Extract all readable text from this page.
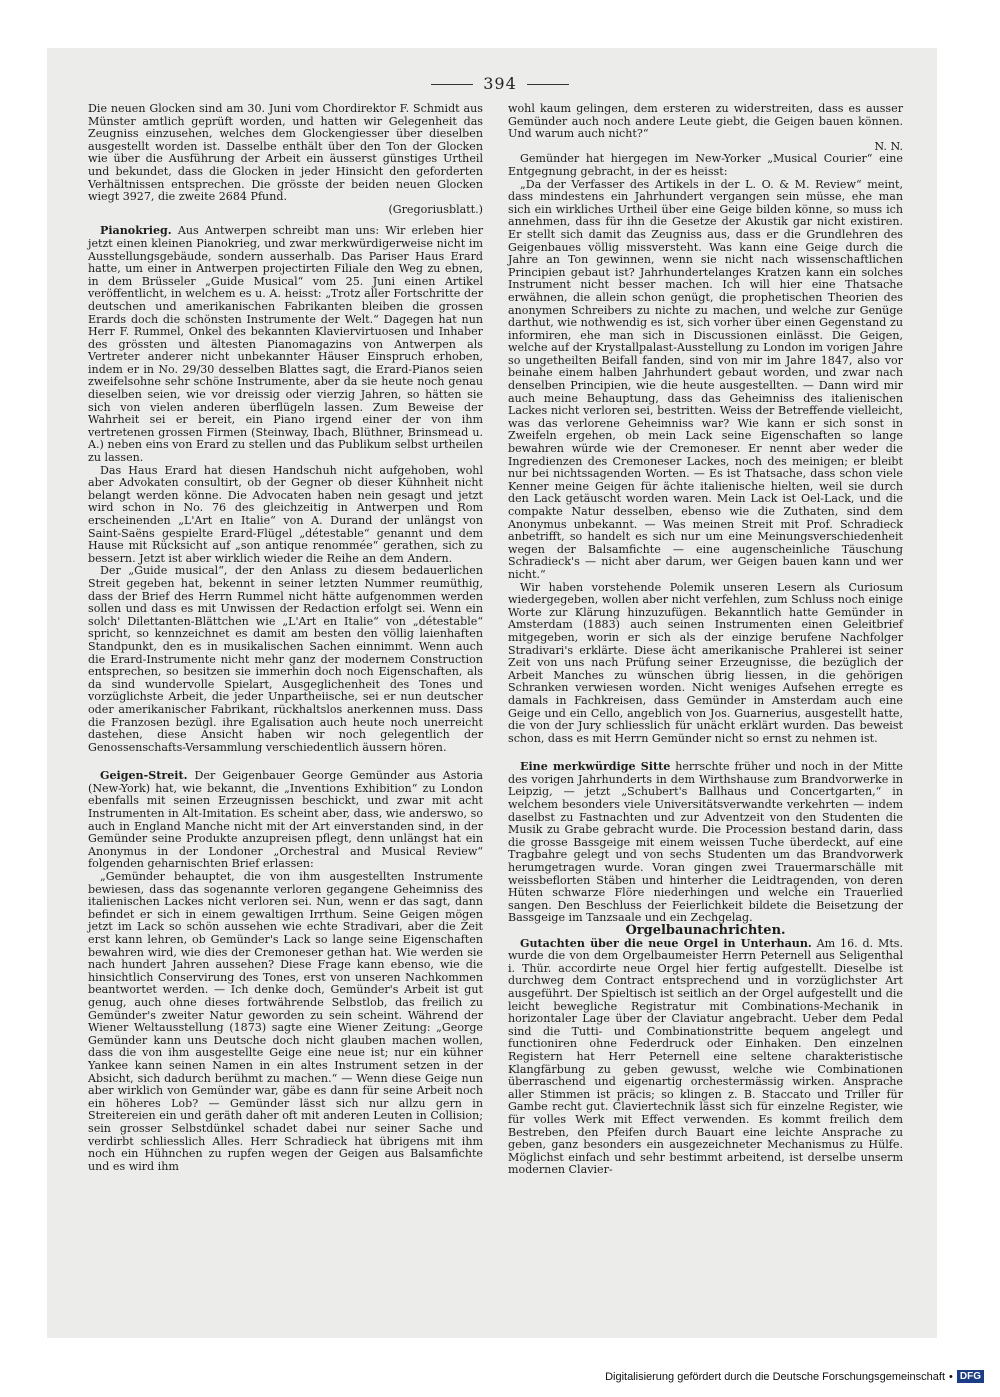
394

Die neuen Glocken sind am 30. Juni vom Chordirektor F. Schmidt aus Münster amtlich geprüft worden, und hatten wir Gelegenheit das Zeugniss einzusehen, welches dem Glockengiesser über dieselben ausgestellt worden ist. Dasselbe enthält über den Ton der Glocken wie über die Ausführung der Arbeit ein äusserst günstiges Urtheil und bekundet, dass die Glocken in jeder Hinsicht den geforderten Verhältnissen entsprechen. Die grösste der beiden neuen Glocken wiegt 3927, die zweite 2684 Pfund.
(Gregoriusblatt.)

Pianokrieg. Aus Antwerpen schreibt man uns: Wir erleben hier jetzt einen kleinen Pianokrieg, und zwar merkwürdigerweise nicht im Ausstellungsgebäude, sondern ausserhalb. Das Pariser Haus Erard hatte, um einer in Antwerpen projectirten Filiale den Weg zu ebnen, in dem Brüsseler „Guide Musical“ vom 25. Juni einen Artikel veröffentlicht, in welchem es u. A. heisst: „Trotz aller Fortschritte der deutschen und amerikanischen Fabrikanten bleiben die grossen Erards doch die schönsten Instrumente der Welt.“ Dagegen hat nun Herr F. Rummel, Onkel des bekannten Klaviervirtuosen und Inhaber des grössten und ältesten Pianomagazins von Antwerpen als Vertreter anderer nicht unbekannter Häuser Einspruch erhoben, indem er in No. 29/30 desselben Blattes sagt, die Erard-Pianos seien zweifelsohne sehr schöne Instrumente, aber da sie heute noch genau dieselben seien, wie vor dreissig oder vierzig Jahren, so hätten sie sich von vielen anderen überflügeln lassen. Zum Beweise der Wahrheit sei er bereit, ein Piano irgend einer der von ihm vertretenen grossen Firmen (Steinway, Ibach, Blüthner, Brinsmead u. A.) neben eins von Erard zu stellen und das Publikum selbst urtheilen zu lassen.

Das Haus Erard hat diesen Handschuh nicht aufgehoben, wohl aber Advokaten consultirt, ob der Gegner ob dieser Kühnheit nicht belangt werden könne. Die Advocaten haben nein gesagt und jetzt wird schon in No. 76 des gleichzeitig in Antwerpen und Rom erscheinenden „L'Art en Italie“ von A. Durand der unlängst von Saint-Saëns gespielte Erard-Flügel „détestable“ genannt und dem Hause mit Rücksicht auf „son antique renommée“ gerathen, sich zu bessern. Jetzt ist aber wirklich wieder die Reihe an dem Andern.

Der „Guide musical“, der den Anlass zu diesem bedauerlichen Streit gegeben hat, bekennt in seiner letzten Nummer reumüthig, dass der Brief des Herrn Rummel nicht hätte aufgenommen werden sollen und dass es mit Unwissen der Redaction erfolgt sei. Wenn ein solch' Dilettanten-Blättchen wie „L'Art en Italie“ von „détestable“ spricht, so kennzeichnet es damit am besten den völlig laienhaften Standpunkt, den es in musikalischen Sachen einnimmt. Wenn auch die Erard-Instrumente nicht mehr ganz der modernem Construction entsprechen, so besitzen sie immerhin doch noch Eigenschaften, als da sind wundervolle Spielart, Ausgeglichenheit des Tones und vorzüglichste Arbeit, die jeder Unpartheiische, sei er nun deutscher oder amerikanischer Fabrikant, rückhaltslos anerkennen muss. Dass die Franzosen bezügl. ihre Egalisation auch heute noch unerreicht dastehen, diese Ansicht haben wir noch gelegentlich der Genossenschafts-Versammlung verschiedentlich äussern hören.

Geigen-Streit. Der Geigenbauer George Gemünder aus Astoria (New-York) hat, wie bekannt, die „Inventions Exhibition“ zu London ebenfalls mit seinen Erzeugnissen beschickt, und zwar mit acht Instrumenten in Alt-Imitation. Es scheint aber, dass, wie anderswo, so auch in England Manche nicht mit der Art einverstanden sind, in der Gemünder seine Produkte anzupreisen pflegt, denn unlängst hat ein Anonymus in der Londoner „Orchestral and Musical Review“ folgenden geharnischten Brief erlassen:

„Gemünder behauptet, die von ihm ausgestellten Instrumente bewiesen, dass das sogenannte verloren gegangene Geheimniss des italienischen Lackes nicht verloren sei. Nun, wenn er das sagt, dann befindet er sich in einem gewaltigen Irrthum. Seine Geigen mögen jetzt im Lack so schön aussehen wie echte Stradivari, aber die Zeit erst kann lehren, ob Gemünder's Lack so lange seine Eigenschaften bewahren wird, wie dies der Cremoneser gethan hat. Wie werden sie nach hundert Jahren aussehen? Diese Frage kann ebenso, wie die hinsichtlich Conservirung des Tones, erst von unseren Nachkommen beantwortet werden. — Ich denke doch, Gemünder's Arbeit ist gut genug, auch ohne dieses fortwährende Selbstlob, das freilich zu Gemünder's zweiter Natur geworden zu sein scheint. Während der Wiener Weltausstellung (1873) sagte eine Wiener Zeitung: „George Gemünder kann uns Deutsche doch nicht glauben machen wollen, dass die von ihm ausgestellte Geige eine neue ist; nur ein kühner Yankee kann seinen Namen in ein altes Instrument setzen in der Absicht, sich dadurch berühmt zu machen.“ — Wenn diese Geige nun aber wirklich von Gemünder war, gäbe es dann für seine Arbeit noch ein höheres Lob? — Gemünder lässt sich nur allzu gern in Streitereien ein und geräth daher oft mit anderen Leuten in Collision; sein grosser Selbstdünkel schadet dabei nur seiner Sache und verdirbt schliesslich Alles. Herr Schradieck hat übrigens mit ihm noch ein Hühnchen zu rupfen wegen der Geigen aus Balsamfichte und es wird ihm

wohl kaum gelingen, dem ersteren zu widerstreiten, dass es ausser Gemünder auch noch andere Leute giebt, die Geigen bauen können. Und warum auch nicht?“
N. N.

Gemünder hat hiergegen im New-Yorker „Musical Courier“ eine Entgegnung gebracht, in der es heisst:

„Da der Verfasser des Artikels in der L. O. & M. Review“ meint, dass mindestens ein Jahrhundert vergangen sein müsse, ehe man sich ein wirkliches Urtheil über eine Geige bilden könne, so muss ich annehmen, dass für ihn die Gesetze der Akustik gar nicht existiren. Er stellt sich damit das Zeugniss aus, dass er die Grundlehren des Geigenbaues völlig missversteht. Was kann eine Geige durch die Jahre an Ton gewinnen, wenn sie nicht nach wissenschaftlichen Principien gebaut ist? Jahrhundertelanges Kratzen kann ein solches Instrument nicht besser machen. Ich will hier eine Thatsache erwähnen, die allein schon genügt, die prophetischen Theorien des anonymen Schreibers zu nichte zu machen, und welche zur Genüge darthut, wie nothwendig es ist, sich vorher über einen Gegenstand zu informiren, ehe man sich in Discussionen einlässt. Die Geigen, welche auf der Krystallpalast-Ausstellung zu London im vorigen Jahre so ungetheilten Beifall fanden, sind von mir im Jahre 1847, also vor beinahe einem halben Jahrhundert gebaut worden, und zwar nach denselben Principien, wie die heute ausgestellten. — Dann wird mir auch meine Behauptung, dass das Geheimniss des italienischen Lackes nicht verloren sei, bestritten. Weiss der Betreffende vielleicht, was das verlorene Geheimniss war? Wie kann er sich sonst in Zweifeln ergehen, ob mein Lack seine Eigenschaften so lange bewahren würde wie der Cremoneser. Er nennt aber weder die Ingredienzen des Cremoneser Lackes, noch des meinigen; er bleibt nur bei nichtssagenden Worten. — Es ist Thatsache, dass schon viele Kenner meine Geigen für ächte italienische hielten, weil sie durch den Lack getäuscht worden waren. Mein Lack ist Oel-Lack, und die compakte Natur desselben, ebenso wie die Zuthaten, sind dem Anonymus unbekannt. — Was meinen Streit mit Prof. Schradieck anbetrifft, so handelt es sich nur um eine Meinungsverschiedenheit wegen der Balsamfichte — eine augenscheinliche Täuschung Schradieck's — nicht aber darum, wer Geigen bauen kann und wer nicht.“

Wir haben vorstehende Polemik unseren Lesern als Curiosum wiedergegeben, wollen aber nicht verfehlen, zum Schluss noch einige Worte zur Klärung hinzuzufügen. Bekanntlich hatte Gemünder in Amsterdam (1883) auch seinen Instrumenten einen Geleitbrief mitgegeben, worin er sich als der einzige berufene Nachfolger Stradivari's erklärte. Diese ächt amerikanische Prahlerei ist seiner Zeit von uns nach Prüfung seiner Erzeugnisse, die bezüglich der Arbeit Manches zu wünschen übrig liessen, in die gehörigen Schranken verwiesen worden. Nicht weniges Aufsehen erregte es damals in Fachkreisen, dass Gemünder in Amsterdam auch eine Geige und ein Cello, angeblich von Jos. Guarnerius, ausgestellt hatte, die von der Jury schliesslich für unächt erklärt wurden. Das beweist schon, dass es mit Herrn Gemünder nicht so ernst zu nehmen ist.

Eine merkwürdige Sitte herrschte früher und noch in der Mitte des vorigen Jahrhunderts in dem Wirthshause zum Brandvorwerke in Leipzig, — jetzt „Schubert's Ballhaus und Concertgarten,“ in welchem besonders viele Universitätsverwandte verkehrten — indem daselbst zu Fastnachten und zur Adventzeit von den Studenten die Musik zu Grabe gebracht wurde. Die Procession bestand darin, dass die grosse Bassgeige mit einem weissen Tuche überdeckt, auf eine Tragbahre gelegt und von sechs Studenten um das Brandvorwerk herumgetragen wurde. Voran gingen zwei Trauermarschälle mit weissbeflorten Stäben und hinterher die Leidtragenden, von deren Hüten schwarze Flöre niederhingen und welche ein Trauerlied sangen. Den Beschluss der Feierlichkeit bildete die Beisetzung der Bassgeige im Tanzsaale und ein Zechgelag.

Orgelbaunachrichten.

Gutachten über die neue Orgel in Unterhaun. Am 16. d. Mts. wurde die von dem Orgelbaumeister Herrn Peternell aus Seligenthal i. Thür. accordirte neue Orgel hier fertig aufgestellt. Dieselbe ist durchweg dem Contract entsprechend und in vorzüglichster Art ausgeführt. Der Spieltisch ist seitlich an der Orgel aufgestellt und die leicht bewegliche Registratur mit Combinations-Mechanik in horizontaler Lage über der Claviatur angebracht. Ueber dem Pedal sind die Tutti- und Combinationstritte bequem angelegt und functioniren ohne Federdruck oder Einhaken. Den einzelnen Registern hat Herr Peternell eine seltene charakteristische Klangfärbung zu geben gewusst, welche wie Combinationen überraschend und eigenartig orchestermässig wirken. Ansprache aller Stimmen ist präcis; so klingen z. B. Staccato und Triller für Gambe recht gut. Claviertechnik lässt sich für einzelne Register, wie für volles Werk mit Effect verwenden. Es kommt freilich dem Bestreben, den Pfeifen durch Bauart eine leichte Ansprache zu geben, ganz besonders ein ausgezeichneter Mechanismus zu Hülfe. Möglichst einfach und sehr bestimmt arbeitend, ist derselbe unserm modernen Clavier-

Digitalisierung gefördert durch die Deutsche Forschungsgemeinschaft • DFG
